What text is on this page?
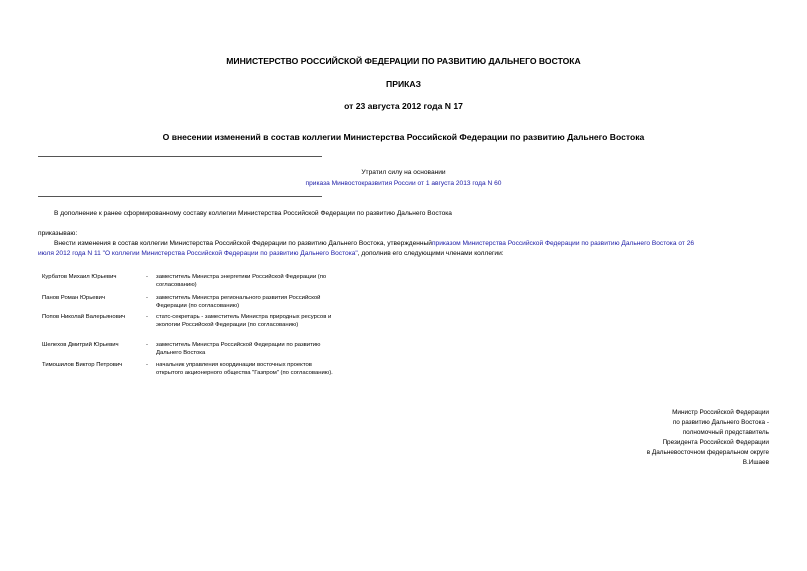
МИНИСТЕРСТВО РОССИЙСКОЙ ФЕДЕРАЦИИ ПО РАЗВИТИЮ ДАЛЬНЕГО ВОСТОКА
ПРИКАЗ
от 23 августа 2012 года N 17
О внесении изменений в состав коллегии Министерства Российской Федерации по развитию Дальнего Востока
Утратил силу на основании
приказа Минвостокразвития России от 1 августа 2013 года N 60
В дополнение к ранее сформированному составу коллегии Министерства Российской Федерации по развитию Дальнего Востока
приказываю:
Внести изменения в состав коллегии Министерства Российской Федерации по развитию Дальнего Востока, утвержденныйприказом Министерства Российской Федерации по развитию Дальнего Востока от 26
июля 2012 года N 11 "О коллегии Министерства Российской Федерации по развитию Дальнего Востока", дополнив его следующими членами коллегии:
Курбатов Михаил Юрьевич	- заместитель Министра энергетики Российской Федерации (по согласованию)
Панов Роман Юрьевич	- заместитель Министра регионального развития Российской Федерации (по согласованию)
Попов Николай Валерьянович	- статс-секретарь - заместитель Министра природных ресурсов и экологии Российской Федерации (по согласованию)
Шелехов Дмитрий Юрьевич	- заместитель Министра Российской Федерации по развитию Дальнего Востока
Тимошилов Виктор Петрович	- начальник управления координации восточных проектов открытого акционерного общества "Газпром" (по согласованию).
Министр Российской Федерации
по развитию Дальнего Востока -
полномочный представитель
Президента Российской Федерации
в Дальневосточном федеральном округе
В.Ишаев
